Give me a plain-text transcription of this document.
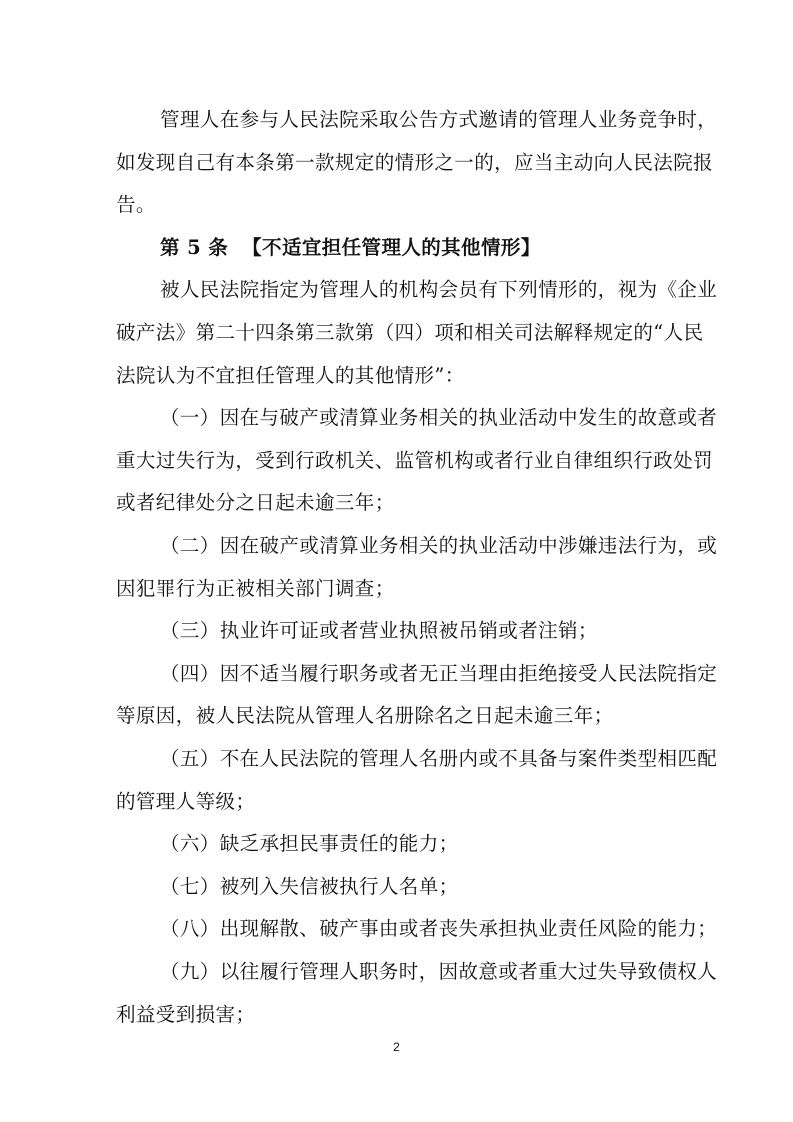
第 5 条 【不适宜担任管理人的其他情形】
管理人在参与人民法院采取公告方式邀请的管理人业务竞争时，
如发现自己有本条第一款规定的情形之一的，应当主动向人民法院报
告。
被人民法院指定为管理人的机构会员有下列情形的，视为《企业
破产法》第二十四条第三款第（四）项和相关司法解释规定的“人民
法院认为不宜担任管理人的其他情形”：
（一）因在与破产或清算业务相关的执业活动中发生的故意或者
重大过失行为，受到行政机关、监管机构或者行业自律组织行政处罚
或者纪律处分之日起未逾三年；
（二）因在破产或清算业务相关的执业活动中涉嫌违法行为，或
因犯罪行为正被相关部门调查；
（三）执业许可证或者营业执照被吊销或者注销；
（四）因不适当履行职务或者无正当理由拒绝接受人民法院指定
等原因，被人民法院从管理人名册除名之日起未逾三年；
（五）不在人民法院的管理人名册内或不具备与案件类型相匹配
的管理人等级；
（六）缺乏承担民事责任的能力；
（七）被列入失信被执行人名单；
（八）出现解散、破产事由或者丧失承担执业责任风险的能力；
（九）以往履行管理人职务时，因故意或者重大过失导致债权人
利益受到损害；
2
